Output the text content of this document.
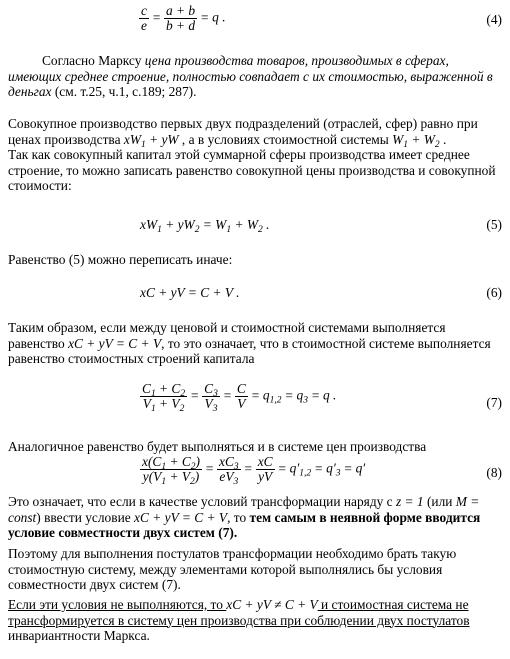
$\frac{c}{e} = \frac{a + b}{b + d} = q$ .	(4)
Согласно Марксу цена производства товаров, производимых в сферах, имеющих среднее строение, полностью совпадает с их стоимостью, выраженной в деньгах (см. т.25, ч.1, с.189; 287).
Совокупное производство первых двух подразделений (отраслей, сфер) равно при ценах производства $xW_1$ + yW , а в условиях стоимостной системы $W_1 + W_2$ .
Так как совокупный капитал этой суммарной сферы производства имеет среднее строение, то можно записать равенство совокупной цены производства и совокупной стоимости:
$xW_1 + yW_2 = W_1 + W_2$ .	(5)
Равенство (5) можно переписать иначе:
xC + yV = C + V .	(6)
Таким образом, если между ценовой и стоимостной системами выполняется равенство xC + yV = C + V, то это означает, что в стоимостной системе выполняется равенство стоимостных строений капитала
$\frac{C_1 + C_2}{V_1 + V_2} = \frac{C_3}{V_3} = \frac{C}{V} = q_{1,2} = q_3 = q$ .	(7)
Аналогичное равенство будет выполняться и в системе цен производства
$\frac{x(C_1 + C_2)}{y(V_1 + V_2)} = \frac{xC_3}{eV_3} = \frac{xC}{yV} = q'_{1,2} = q'_3 = q'$	(8)
Это означает, что если в качестве условий трансформации наряду с z = 1 (или M = const) ввести условие xC + yV = C + V, то тем самым в неявной форме вводится условие совместности двух систем (7).
Поэтому для выполнения постулатов трансформации необходимо брать такую стоимостную систему, между элементами которой выполнялись бы условия совместности двух систем (7).
Если эти условия не выполняются, то xC + yV ≠ C + V и стоимостная система не трансформируется в систему цен производства при соблюдении двух постулатов инвариантности Маркса.
